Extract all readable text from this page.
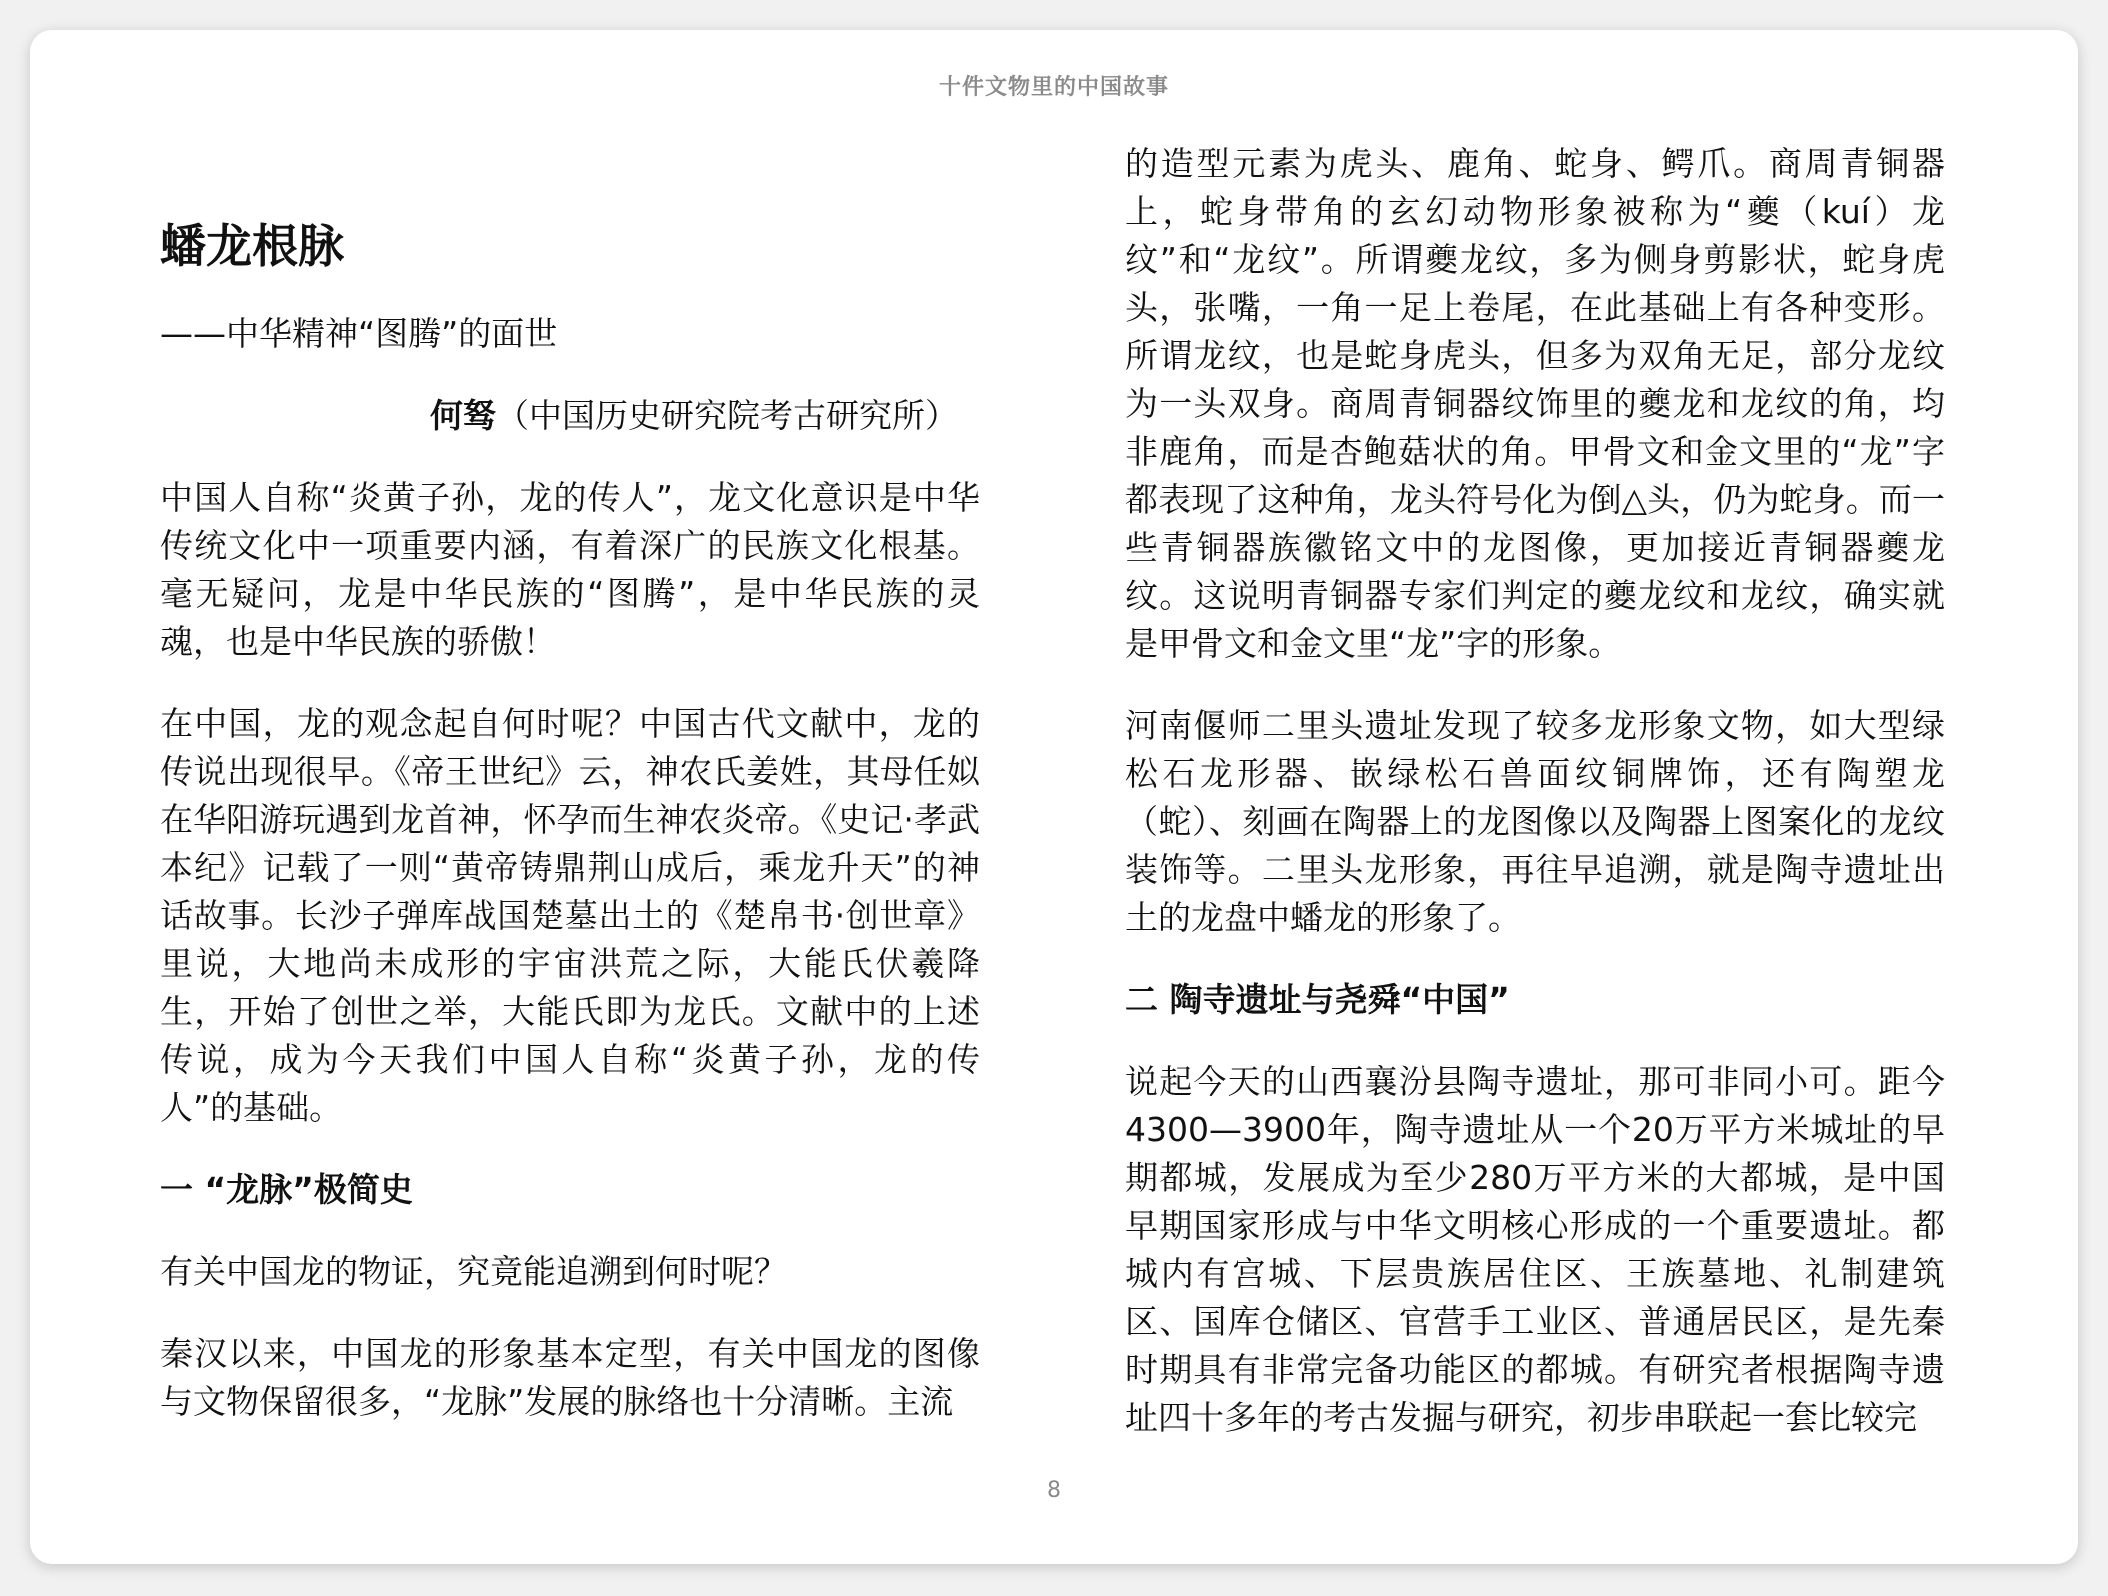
十件文物里的中国故事
蟠龙根脉
——中华精神“图腾”的面世
何驽（中国历史研究院考古研究所）

中国人自称“炎黄子孙，龙的传人”，龙文化意识是中华传统文化中一项重要内涵，有着深广的民族文化根基。毫无疑问，龙是中华民族的“图腾”，是中华民族的灵魂，也是中华民族的骄傲！

在中国，龙的观念起自何时呢？中国古代文献中，龙的传说出现很早。《帝王世纪》云，神农氏姜姓，其母任姒在华阳游玩遇到龙首神，怀孕而生神农炎帝。《史记·孝武本纪》记载了一则“黄帝铸鼎荆山成后，乘龙升天”的神话故事。长沙子弹库战国楚墓出土的《楚帛书·创世章》里说，大地尚未成形的宇宙洪荒之际，大能氏伏羲降生，开始了创世之举，大能氏即为龙氏。文献中的上述传说，成为今天我们中国人自称“炎黄子孙，龙的传人”的基础。

一 “龙脉”极简史

有关中国龙的物证，究竟能追溯到何时呢？

秦汉以来，中国龙的形象基本定型，有关中国龙的图像与文物保留很多，“龙脉”发展的脉络也十分清晰。主流

的造型元素为虎头、鹿角、蛇身、鳄爪。商周青铜器上，蛇身带角的玄幻动物形象被称为“夔（kuí）龙纹”和“龙纹”。所谓夔龙纹，多为侧身剪影状，蛇身虎头，张嘴，一角一足上卷尾，在此基础上有各种变形。所谓龙纹，也是蛇身虎头，但多为双角无足，部分龙纹为一头双身。商周青铜器纹饰里的夔龙和龙纹的角，均非鹿角，而是杏鲍菇状的角。甲骨文和金文里的“龙”字都表现了这种角，龙头符号化为倒△头，仍为蛇身。而一些青铜器族徽铭文中的龙图像，更加接近青铜器夔龙纹。这说明青铜器专家们判定的夔龙纹和龙纹，确实就是甲骨文和金文里“龙”字的形象。

河南偃师二里头遗址发现了较多龙形象文物，如大型绿松石龙形器、嵌绿松石兽面纹铜牌饰，还有陶塑龙（蛇）、刻画在陶器上的龙图像以及陶器上图案化的龙纹装饰等。二里头龙形象，再往早追溯，就是陶寺遗址出土的龙盘中蟠龙的形象了。

二 陶寺遗址与尧舜“中国”

说起今天的山西襄汾县陶寺遗址，那可非同小可。距今4300—3900年，陶寺遗址从一个20万平方米城址的早期都城，发展成为至少280万平方米的大都城，是中国早期国家形成与中华文明核心形成的一个重要遗址。都城内有宫城、下层贵族居住区、王族墓地、礼制建筑区、国库仓储区、官营手工业区、普通居民区，是先秦时期具有非常完备功能区的都城。有研究者根据陶寺遗址四十多年的考古发掘与研究，初步串联起一套比较完

8
